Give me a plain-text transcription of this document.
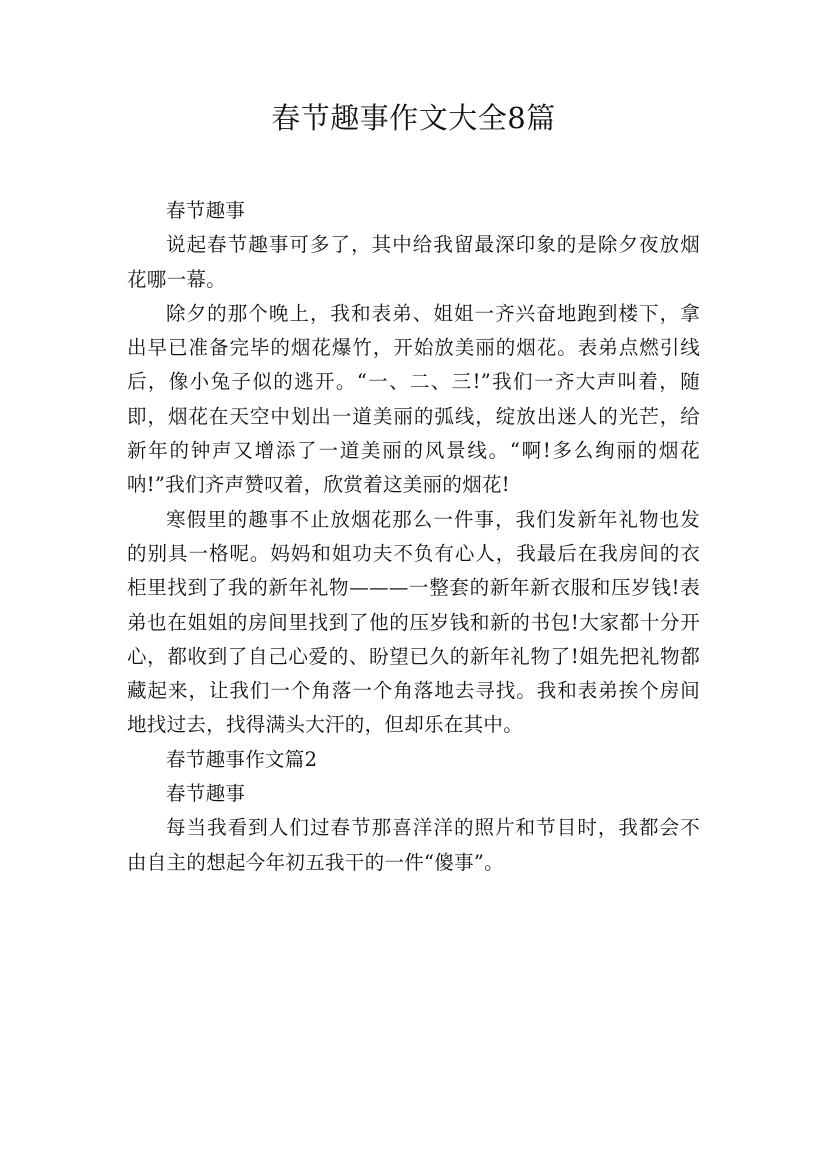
春节趣事作文大全8篇

春节趣事

说起春节趣事可多了，其中给我留最深印象的是除夕夜放烟花哪一幕。

除夕的那个晚上，我和表弟、姐姐一齐兴奋地跑到楼下，拿出早已准备完毕的烟花爆竹，开始放美丽的烟花。表弟点燃引线后，像小兔子似的逃开。“一、二、三!”我们一齐大声叫着，随即，烟花在天空中划出一道美丽的弧线，绽放出迷人的光芒，给新年的钟声又增添了一道美丽的风景线。“啊!多么绚丽的烟花呐!”我们齐声赞叹着，欣赏着这美丽的烟花!

寒假里的趣事不止放烟花那么一件事，我们发新年礼物也发的别具一格呢。妈妈和姐功夫不负有心人，我最后在我房间的衣柜里找到了我的新年礼物———一整套的新年新衣服和压岁钱!表弟也在姐姐的房间里找到了他的压岁钱和新的书包!大家都十分开心，都收到了自己心爱的、盼望已久的新年礼物了!姐先把礼物都藏起来，让我们一个角落一个角落地去寻找。我和表弟挨个房间地找过去，找得满头大汗的，但却乐在其中。

春节趣事作文篇2

春节趣事

每当我看到人们过春节那喜洋洋的照片和节目时，我都会不由自主的想起今年初五我干的一件“傻事”。
